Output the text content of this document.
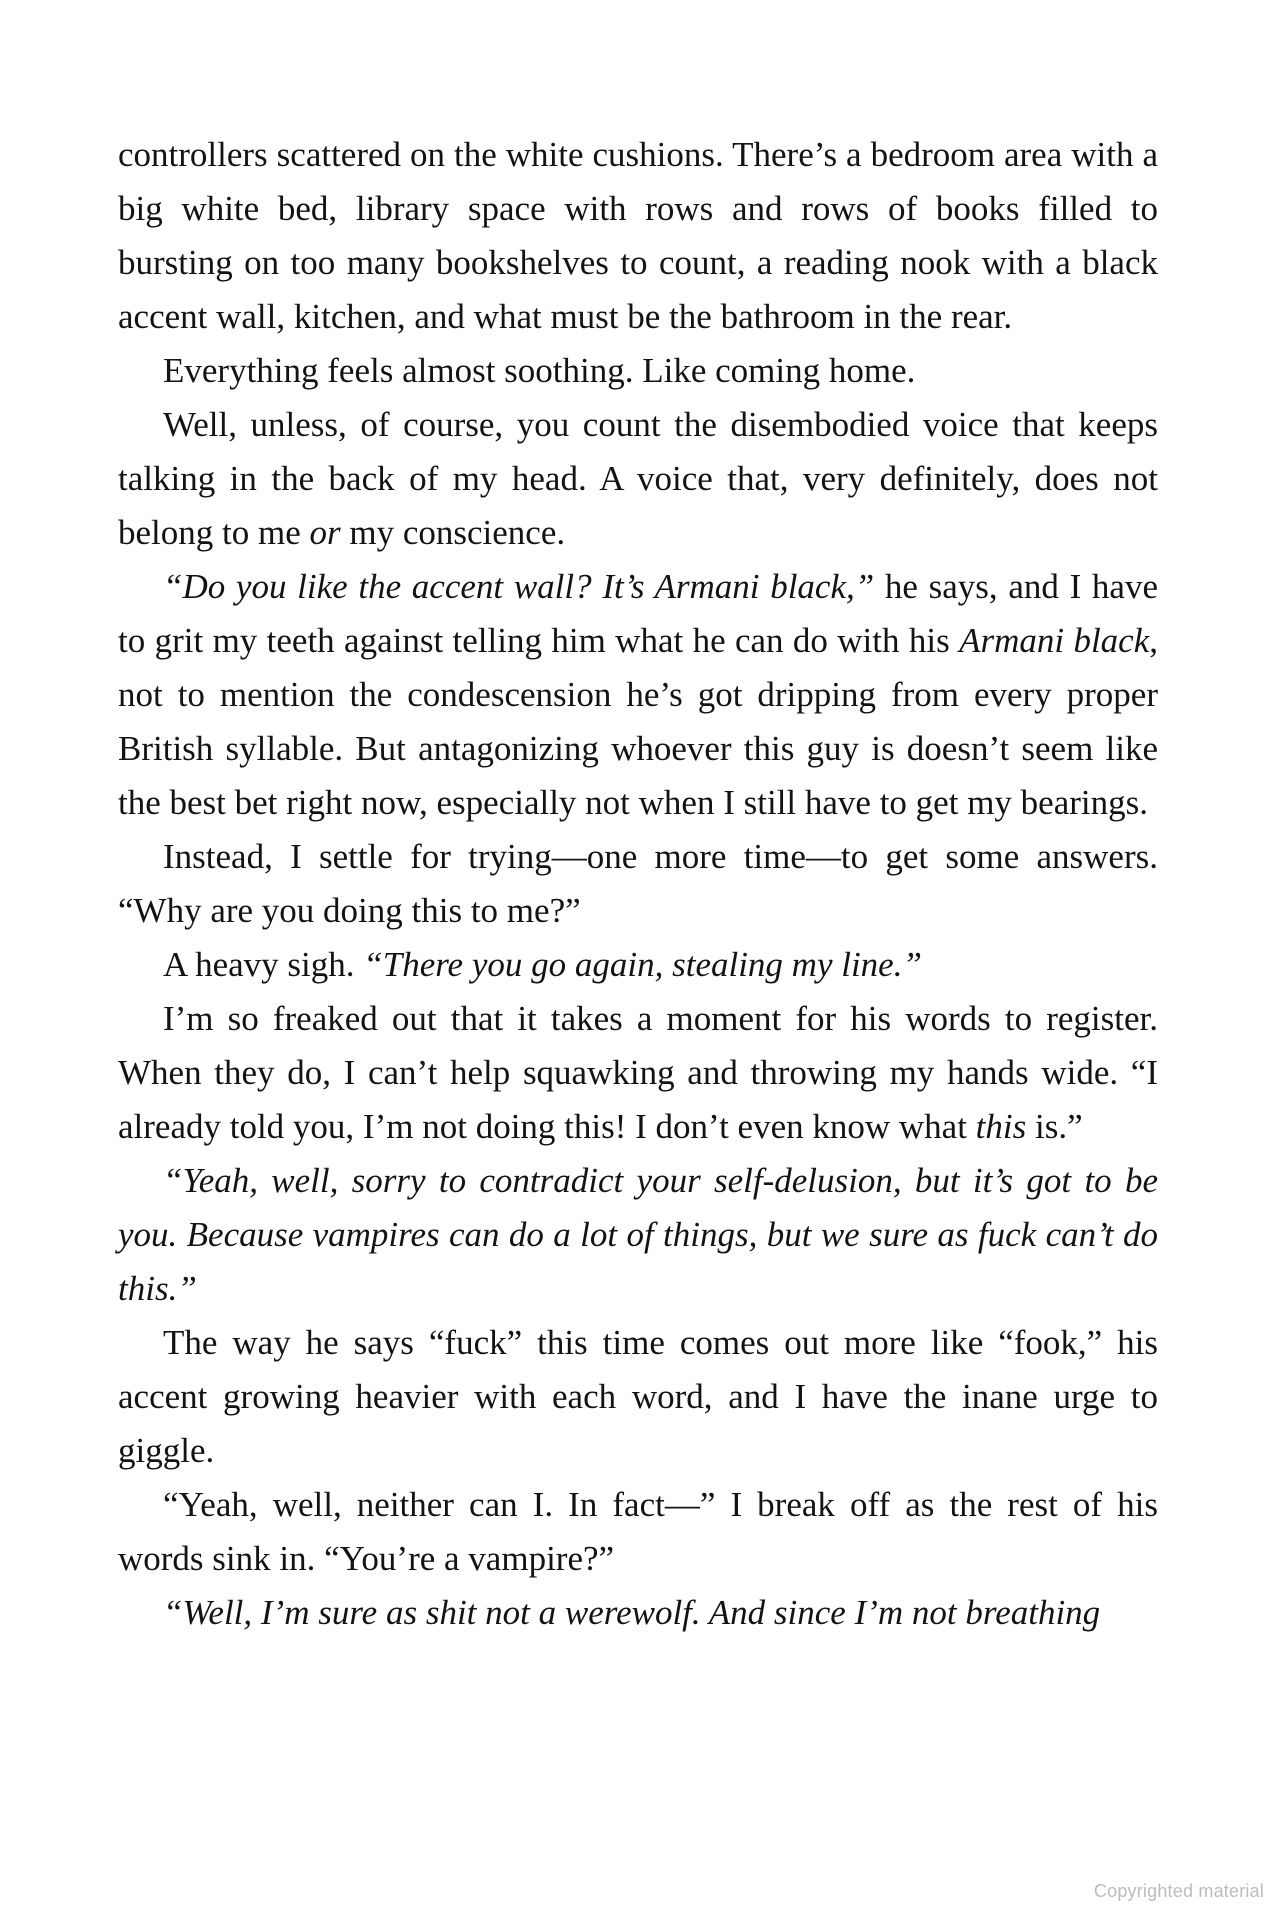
controllers scattered on the white cushions. There’s a bedroom area with a big white bed, library space with rows and rows of books filled to bursting on too many bookshelves to count, a reading nook with a black accent wall, kitchen, and what must be the bathroom in the rear.

Everything feels almost soothing. Like coming home.

Well, unless, of course, you count the disembodied voice that keeps talking in the back of my head. A voice that, very definitely, does not belong to me or my conscience.

“Do you like the accent wall? It’s Armani black,” he says, and I have to grit my teeth against telling him what he can do with his Armani black, not to mention the condescension he’s got dripping from every proper British syllable. But antagonizing whoever this guy is doesn’t seem like the best bet right now, especially not when I still have to get my bearings.

Instead, I settle for trying—one more time—to get some answers. “Why are you doing this to me?”

A heavy sigh. “There you go again, stealing my line.”

I’m so freaked out that it takes a moment for his words to register. When they do, I can’t help squawking and throwing my hands wide. “I already told you, I’m not doing this! I don’t even know what this is.”

“Yeah, well, sorry to contradict your self-delusion, but it’s got to be you. Because vampires can do a lot of things, but we sure as fuck can’t do this.”

The way he says “fuck” this time comes out more like “fook,” his accent growing heavier with each word, and I have the inane urge to giggle.

“Yeah, well, neither can I. In fact—” I break off as the rest of his words sink in. “You’re a vampire?”

“Well, I’m sure as shit not a werewolf. And since I’m not breathing

Copyrighted material
